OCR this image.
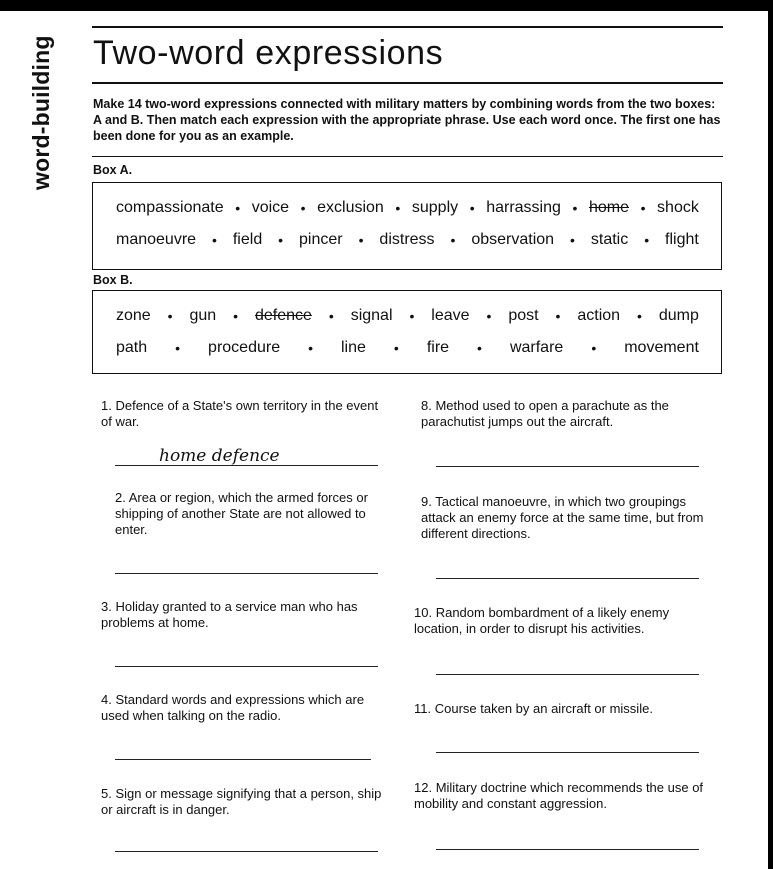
word-building Two-word expressions

Make 14 two-word expressions connected with military matters by combining words from the two boxes: A and B. Then match each expression with the appropriate phrase. Use each word once. The first one has been done for you as an example.

Box A.
compassionate • voice • exclusion • supply • harrassing • home • shock
manoeuvre • field • pincer • distress • observation • static • flight
Box B.
zone • gun • defence • signal • leave • post • action • dump
path • procedure • line • fire • warfare • movement
1. Defence of a State's own territory in the event of war.
home defence
2. Area or region, which the armed forces or shipping of another State are not allowed to enter.
3. Holiday granted to a service man who has problems at home.
4. Standard words and expressions which are used when talking on the radio.
5. Sign or message signifying that a person, ship or aircraft is in danger.
8. Method used to open a parachute as the parachutist jumps out the aircraft.
9. Tactical manoeuvre, in which two groupings attack an enemy force at the same time, but from different directions.
10. Random bombardment of a likely enemy location, in order to disrupt his activities.
11. Course taken by an aircraft or missile.
12. Military doctrine which recommends the use of mobility and constant aggression.
